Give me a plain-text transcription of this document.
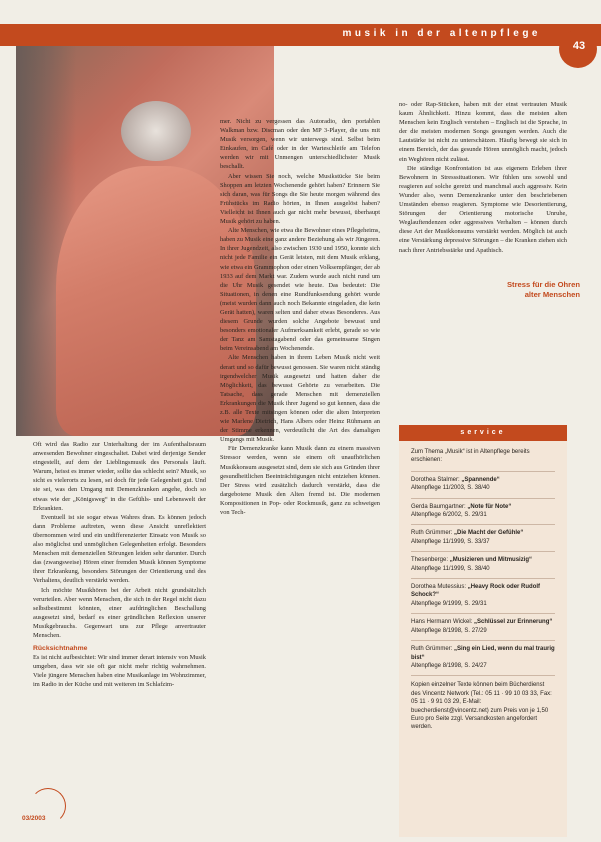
musik in der altenpflege
43

Oft wird das Radio zur Unterhaltung der im Aufenthaltsraum anwesenden Bewohner eingeschaltet. Dabei wird derjenige Sender eingestellt, auf dem der Lieblingsmusik des Personals läuft. Warum, heisst es immer wieder, sollte das schlecht sein? Musik, so sicht es vielerorts zu lesen, sei doch für jede Gelegenheit gut. Und sie sei, was den Umgang mit Demenzkranken angehe, doch so etwas wie der „Königsweg“ in die Gefühls- und Lebenswelt der Erkrankten.

Eventuell ist sie sogar etwas Wahres dran. Es können jedoch dann Probleme auftreten, wenn diese Ansicht unreflektiert übernommen wird und ein undifferenzierter Einsatz von Musik so also möglichst und unmöglichen Gelegenheiten erfolgt. Besonders Menschen mit demenziellen Störungen leiden sehr darunter. Durch das (zwangsweise) Hören einer fremden Musik können Symptome ihrer Erkrankung, besonders Störungen der Orientierung und des Verhaltens, deutlich verstärkt werden.

Ich möchte Musikhören bei der Arbeit nicht grundsätzlich verurteilen. Aber wenn Menschen, die sich in der Regel nicht dazu selbstbestimmt könnten, einer aufdringlichen Beschallung ausgesetzt sind, bedarf es einer gründlichen Reflexion unserer Musikgebrauchs. Gegenwart uns zur Pflege anvertrauter Menschen.

Rücksichtnahme

Es ist nicht aufbesichtet: Wir sind immer derart intensiv von Musik umgeben, dass wir sie oft gar nicht mehr richtig wahrnehmen. Viele jüngere Menschen haben eine Musikanlage im Wohnzimmer, im Radio in der Küche und mit weiteren im Schlafzim-

mer. Nicht zu vergessen das Autoradio, den portablen Walkman bzw. Discman oder den MP 3-Player, die uns mit Musik versorgen, wenn wir unterwegs sind. Selbst beim Einkaufen, im Café oder in der Warteschleife am Telefon werden wir mit Unmengen unterschiedlichster Musik beschallt.

Aber wissen Sie noch, welche Musikstücke Sie beim Shoppen am letzten Wochenende gehört haben? Erinnern Sie sich daran, was für Songs die Sie heute morgen während des Frühstücks im Radio hörten, in Ihnen ausgelöst haben? Vielleicht ist Ihnen auch gar nicht mehr bewusst, überhaupt Musik gehört zu haben.

Alte Menschen, wie etwa die Bewohner eines Pflegeheims, haben zu Musik eine ganz andere Beziehung als wir Jüngeren. In ihrer Jugendzeit, also zwischen 1930 und 1950, konnte sich nicht jede Familie ein Gerät leisten, mit dem Musik erklang, wie etwa ein Grammophon oder einen Volksempfänger, der ab 1933 auf dem Markt war. Zudem wurde auch nicht rund um die Uhr Musik gesendet wie heute. Das bedeutet: Die Situationen, in denen eine Rundfunksendung gehört wurde (meist wurden dann auch noch Bekannte eingeladen, die kein Gerät hatten), waren selten und daher etwas Besonderes. Aus diesem Grunde wurden solche Angebote bewusst und besonders emotionaler Aufmerksamkeit erlebt, gerade so wie der Tanz am Samstagabend oder das gemeinsame Singen beim Vereinsabend am Wochenende.

Alte Menschen haben in ihrem Leben Musik nicht weit derart und so dafür bewusst genossen. Sie waren nicht ständig irgendwelcher Musik ausgesetzt und hatten daher die Möglichkeit, das bewusst Gehörte zu verarbeiten. Die Tatsache, dass gerade Menschen mit demenziellen Erkrankungen die Musik ihrer Jugend so gut kennen, dass die z.B. alle Texte mitsingen können oder die alten Interpreten wie Marlene Dietrich, Hans Albers oder Heinz Rühmann an der Stimme erkennen, verdeutlicht die Art des damaligen Umgangs mit Musik.

Für Demenzkranke kann Musik dann zu einem massiven Stressor werden, wenn sie einem oft unaufhörlichen Musikkonsum ausgesetzt sind, dem sie sich aus Gründen ihrer gesundheitlichen Beeinträchtigungen nicht entziehen können. Der Stress wird zusätzlich dadurch verstärkt, dass die dargebotene Musik den Alten fremd ist. Die modernen Kompositionen in Pop- oder Rockmusik, ganz zu schweigen von Tech-

no- oder Rap-Stücken, haben mit der einst vertrauten Musik kaum Ähnlichkeit. Hinzu kommt, dass die meisten alten Menschen kein Englisch verstehen – Englisch ist die Sprache, in der die meisten modernen Songs gesungen werden. Auch die Lautstärke ist nicht zu unterschätzen. Häufig bewegt sie sich in einem Bereich, der das gesunde Hören unmöglich macht, jedoch ein Weghören nicht zulässt.

Die ständige Konfrontation ist aus eigenem Erleben ihrer Bewohnern in Stresssituationen. Wir fühlen uns sowohl und reagieren auf solche gereizt und manchmal auch aggressiv. Kein Wunder also, wenn Demenzkranke unter den beschriebenen Umständen ebenso reagieren. Symptome wie Desorientierung, Störungen der Orientierung motorische Unruhe, Weglauftendenzen oder aggressives Verhalten – können durch diese Art der Musikkonsums verstärkt werden. Möglich ist auch eine Verstärkung depressive Störungen – die Kranken ziehen sich nach ihrer Antriebsstärke und Apathisch.

Stress für die Ohren alter Menschen
service
Zum Thema „Musik“ ist in Altenpflege bereits erschienen:
Dorothea Stalmer: „Spannende“
Altenpflege 11/2003, S. 38/40
Gerda Baumgartner: „Note für Note“
Altenpflege 6/2002, S. 29/31
Ruth Grümmer: „Die Macht der Gefühle“
Altenpflege 11/1999, S. 33/37
Thesenberge: „Musizieren und Mitmusizig“
Altenpflege 11/1999, S. 38/40
Dorothea Mutessius: „Heavy Rock oder Rudolf Schock?“
Altenpflege 9/1999, S. 29/31
Hans Hermann Wickel: „Schlüssel zur Erinnerung“
Altenpflege 8/1998, S. 27/29
Ruth Grümmer: „Sing ein Lied, wenn du mal traurig bist“
Altenpflege 8/1998, S. 24/27
Kopien einzelner Texte können beim Bücherdienst des Vincentz Network (Tel.: 05 11 · 99 10 03 33, Fax: 05 11 · 9 91 03 29, E-Mail: buecherdienst@vincentz.net) zum Preis von je 1,50 Euro pro Seite zzgl. Versandkosten angefordert werden.
03/2003
